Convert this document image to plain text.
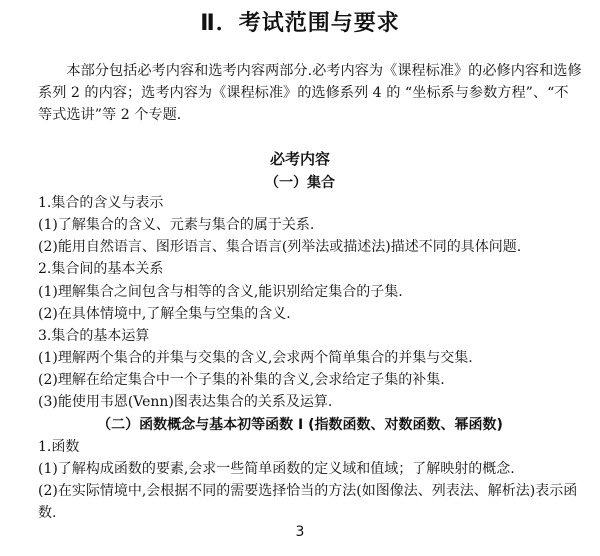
Ⅱ．考试范围与要求
本部分包括必考内容和选考内容两部分.必考内容为《课程标准》的必修内容和选修系列 2 的内容；选考内容为《课程标准》的选修系列 4 的 “坐标系与参数方程”、“不等式选讲”等 2 个专题.
必考内容
（一）集合
1.集合的含义与表示
(1)了解集合的含义、元素与集合的属于关系.
(2)能用自然语言、图形语言、集合语言(列举法或描述法)描述不同的具体问题.
2.集合间的基本关系
(1)理解集合之间包含与相等的含义,能识别给定集合的子集.
(2)在具体情境中,了解全集与空集的含义.
3.集合的基本运算
(1)理解两个集合的并集与交集的含义,会求两个简单集合的并集与交集.
(2)理解在给定集合中一个子集的补集的含义,会求给定子集的补集.
(3)能使用韦恩(Venn)图表达集合的关系及运算.
（二）函数概念与基本初等函数 I (指数函数、对数函数、幂函数)
1.函数
(1)了解构成函数的要素,会求一些简单函数的定义域和值域；了解映射的概念.
(2)在实际情境中,会根据不同的需要选择恰当的方法(如图像法、列表法、解析法)表示函数.
3
